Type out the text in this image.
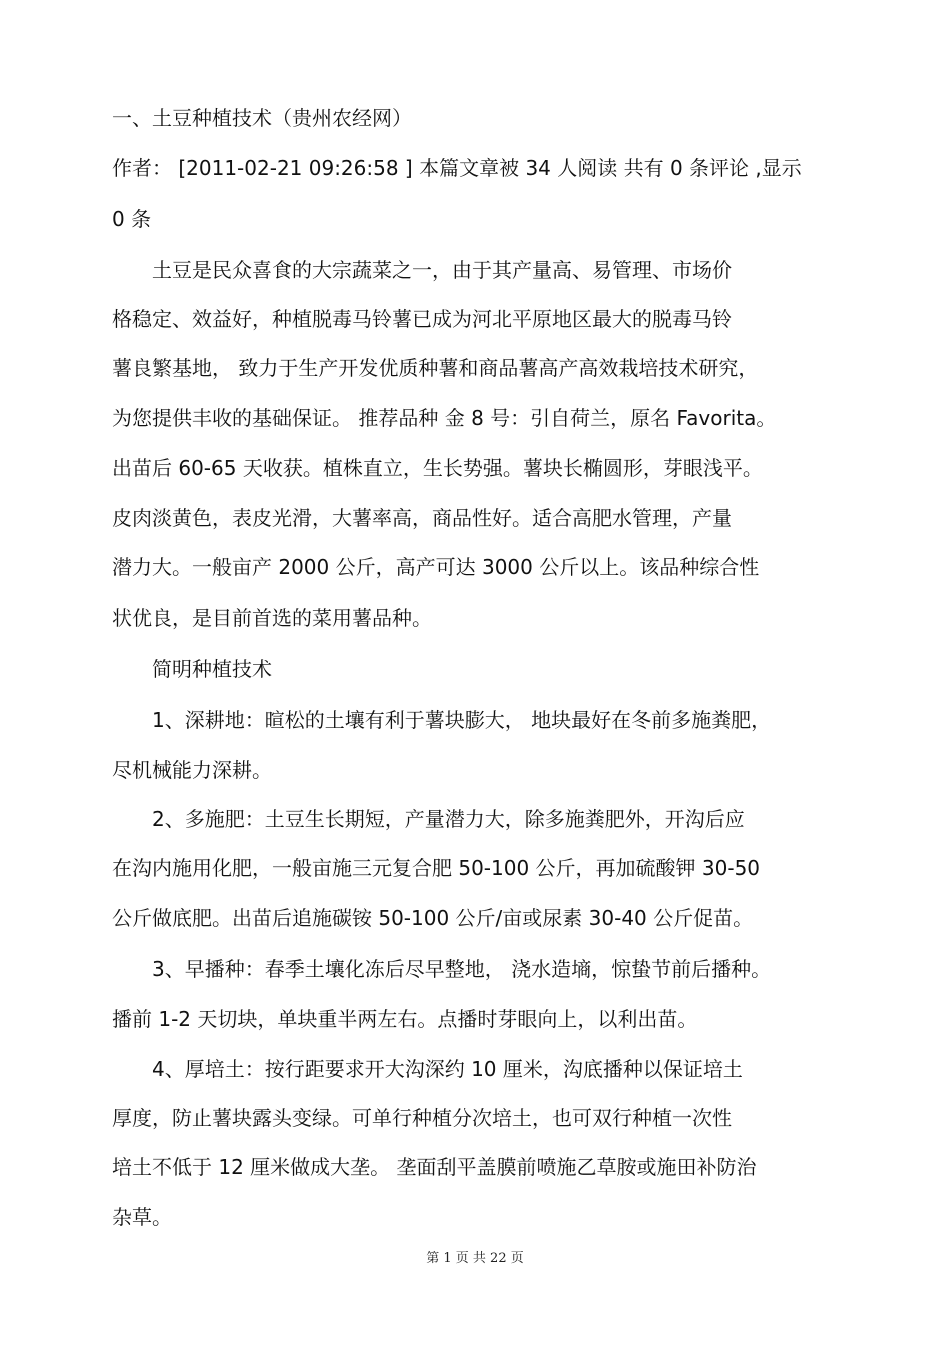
一、土豆种植技术（贵州农经网）
作者： [2011-02-21 09:26:58 ] 本篇文章被 34 人阅读 共有 0 条评论 ,显示
0 条
　　土豆是民众喜食的大宗蔬菜之一，由于其产量高、易管理、市场价
格稳定、效益好，种植脱毒马铃薯已成为河北平原地区最大的脱毒马铃
薯良繁基地， 致力于生产开发优质种薯和商品薯高产高效栽培技术研究，
为您提供丰收的基础保证。 推荐品种 金 8 号：引自荷兰，原名 Favorita。
出苗后 60-65 天收获。植株直立，生长势强。薯块长椭圆形，芽眼浅平。
皮肉淡黄色，表皮光滑，大薯率高，商品性好。适合高肥水管理，产量
潜力大。一般亩产 2000 公斤，高产可达 3000 公斤以上。该品种综合性
状优良，是目前首选的菜用薯品种。
　　简明种植技术
　　1、深耕地：暄松的土壤有利于薯块膨大， 地块最好在冬前多施粪肥，
尽机械能力深耕。
　　2、多施肥：土豆生长期短，产量潜力大，除多施粪肥外，开沟后应
在沟内施用化肥，一般亩施三元复合肥 50-100 公斤，再加硫酸钾 30-50
公斤做底肥。出苗后追施碳铵 50-100 公斤/亩或尿素 30-40 公斤促苗。
　　3、早播种：春季土壤化冻后尽早整地， 浇水造墒，惊蛰节前后播种。
播前 1-2 天切块，单块重半两左右。点播时芽眼向上，以利出苗。
　　4、厚培土：按行距要求开大沟深约 10 厘米，沟底播种以保证培土
厚度，防止薯块露头变绿。可单行种植分次培土，也可双行种植一次性
培土不低于 12 厘米做成大垄。 垄面刮平盖膜前喷施乙草胺或施田补防治
杂草。
第 1 页 共 22 页
